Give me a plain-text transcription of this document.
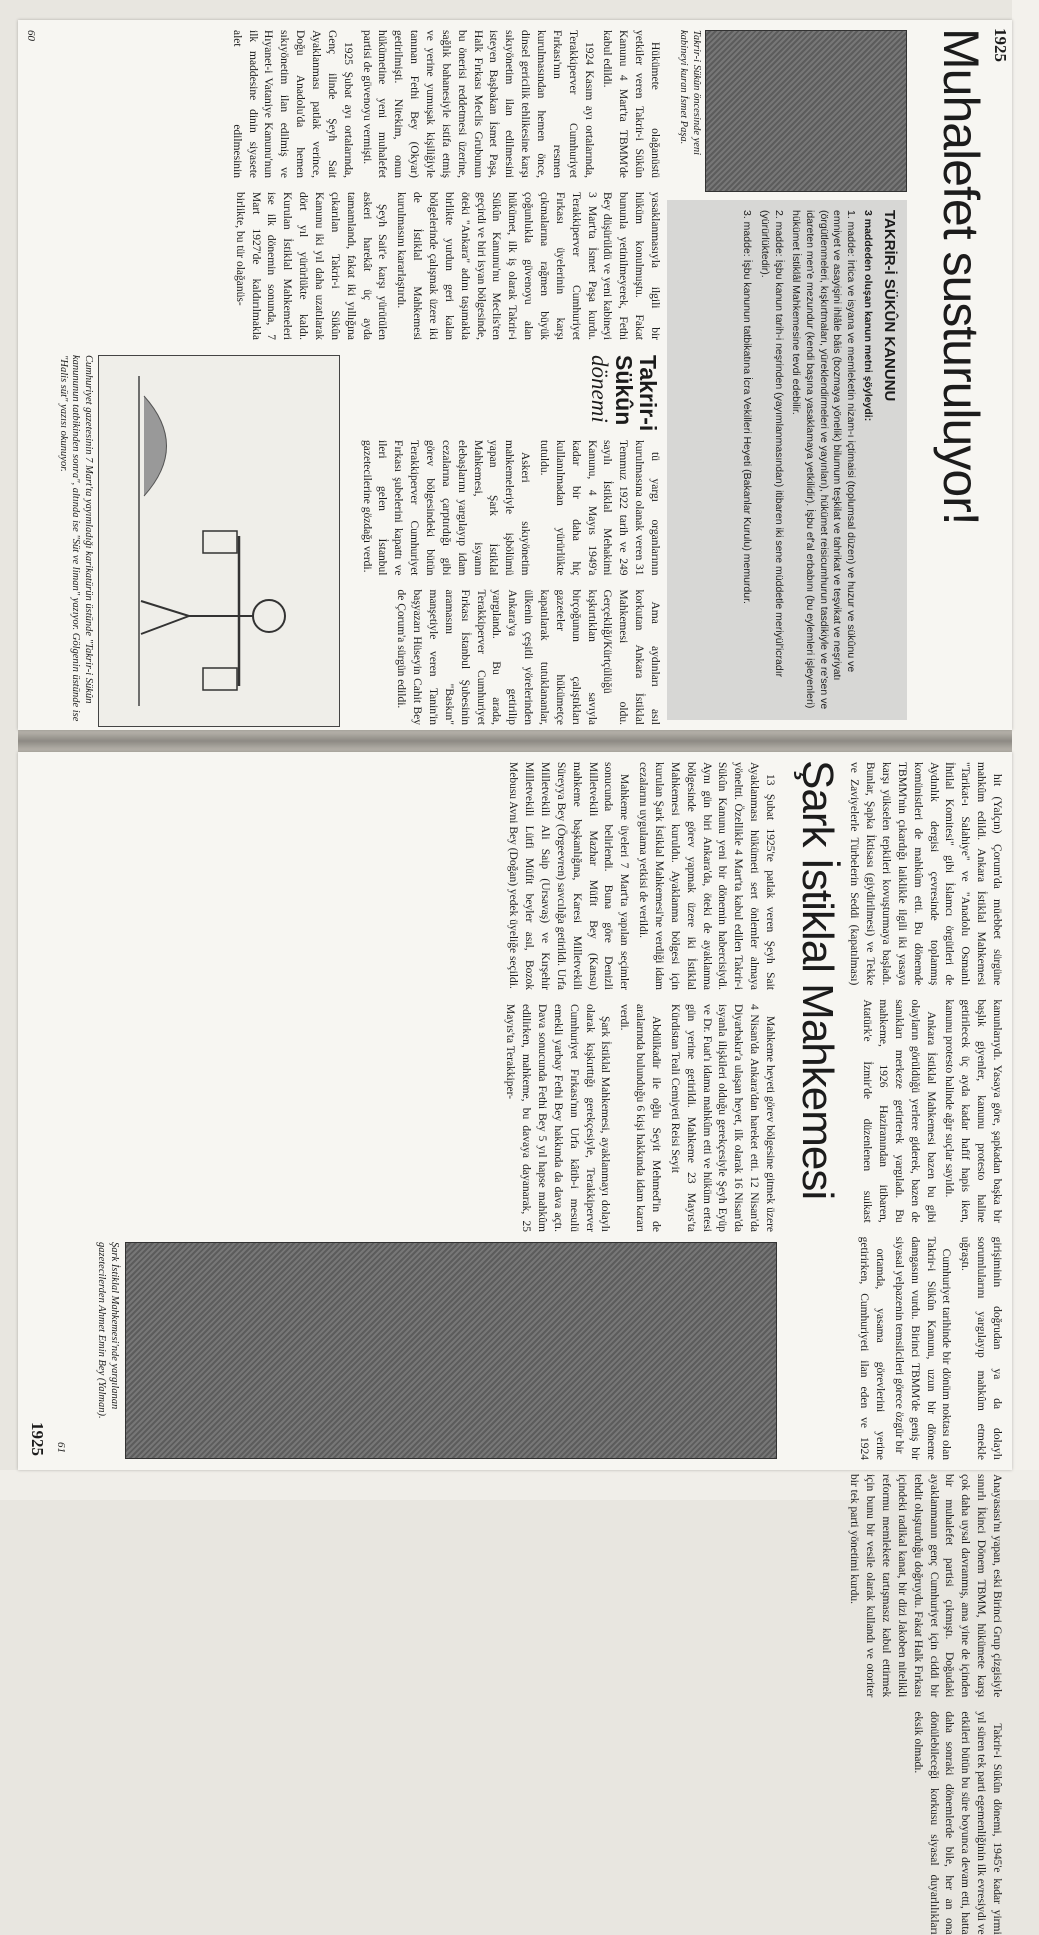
1925
Muhalefet susturuluyor!
Takrir-i Sükûn öncesinde yeni kabineyi kuran İsmet Paşa.
TAKRİR-İ SÜKÛN KANUNU
3 maddeden oluşan kanun metni şöyleydi:
1. madde: İrtica ve isyana ve memleketin nizam-ı içtimaisi (toplumsal düzen) ve huzur ve sükûnu ve emniyet ve asayişini ihlâle bâis (bozmaya yönelik) bilumum teşkilat ve tahrikat ve teşvikat ve neşriyatı (örgütlenmeleri, kışkırtmaları, yüreklendirmeleri ve yayınları), hükümet reisicumhurun tasdikiyle ve re'sen ve idareten men'e mezundur (kendi başına yasaklamaya yetkilidir). İşbu ef'al erbabını (bu eylemleri işleyenleri) hükümet İstiklâl Mahkemesine tevdi edebilir.
2. madde: İşbu kanun tarih-i neşrinden (yayımlanmasından) itibaren iki sene müddetle meriyül'icradır (yürürlüktedir).
3. madde: İşbu kanunun tatbikatına İcra Vekilleri Heyeti (Bakanlar Kurulu) memurdur.

Hükümete olağanüstü yetkiler veren Takrir-i Sükûn Kanunu 4 Mart'ta TBMM'de kabul edildi.

1924 Kasım ayı ortalarında, Terakkiperver Cumhuriyet Fırkası'nın resmen kurulmasından hemen önce, dinsel gericilik tehlikesine karşı sıkıyönetim ilan edilmesini isteyen Başbakan İsmet Paşa, Halk Fırkası Meclis Grubunun bu önerisi reddetmesi üzerine, sağlık bahanesiyle istifa etmiş ve yerine yumuşak kişiliğiyle tanınan Fethi Bey (Okyar) getirilmişti. Nitekim, onun hükümetine yeni muhalefet partisi de güvenoyu vermişti.

1925 Şubat ayı ortalarında, Genç ilinde Şeyh Sait Ayaklanması patlak verince, Doğu Anadolu'da hemen sıkıyönetim ilan edilmiş ve Hıyanet-i Vataniye Kanunu'nun ilk maddesine dinin siyasete alet edilmesinin yasaklanmasıyla ilgili bir hüküm konulmuştu. Fakat bununla yetinilmeyerek, Fethi Bey düşürüldü ve yeni kabineyi 3 Mart'ta İsmet Paşa kurdu. Terakkiperver Cumhuriyet Fırkası üyelerinin karşı çıkmalarına rağmen büyük çoğunlukla güvenoyu alan hükümet, ilk iş olarak Takrir-i Sükûn Kanunu'nu Meclis'ten geçirdi ve biri isyan bölgesinde, öteki "Ankara" adını taşımakla birlikte yurdun geri kalan bölgelerinde çalışmak üzere iki de İstiklal Mahkemesi kurulmasını kararlaştırdı.

Şeyh Sait'e karşı yürütülen askeri harekât üç ayda tamamlandı, fakat iki yıllığına çıkarılan Takrir-i Sükûn Kanunu iki yıl daha uzatılarak dört yıl yürürlükte kaldı. Kurulan İstiklal Mahkemeleri ise ilk dönemin sonunda, 7 Mart 1927'de kaldırılmakla birlikte, bu tür olağanüs-

Takrir-i
Sükûn
dönemi

tü yargı organlarının kurulmasına olanak veren 31 Temmuz 1922 tarih ve 249 sayılı İstiklal Mehakimi Kanunu, 4 Mayıs 1949'a kadar bir daha hiç kullanılmadan yürürlükte tutuldu.

Askeri sıkıyönetim mahkemeleriyle işbölümü yapan Şark İstiklal Mahkemesi, isyanın elebaşlarını yargılayıp idam cezalarına çarptırdığı gibi görev bölgesindeki bütün Terakkiperver Cumhuriyet Fırkası şubelerini kapattı ve ileri gelen İstanbul gazetecilerine gözdağı verdi.

Ama aydınları asıl korkutan Ankara İstiklal Mahkemesi oldu. Gerçekliği/Kürtçülüğü kışkırtıklan savıyla birçoğunun çalıştıkları gazeteler hükümetçe kapatılarak tutuklananlar, ülkenin çeşitli yörelerinden Ankara'ya getirilip yargılandı. Bu arada, Terakkiperver Cumhuriyet Fırkası İstanbul Şubesinin aramasını "Baskın" manşetiyle veren Tanin'in başyazarı Hüseyin Cahit Bey de Çorum'a sürgün edildi.

Cumhuriyet gazetesinin 7 Mart'ta yayımladığı karikatürün üstünde "Takrir-i Sükûn kanununun tatbikinden sonra", altında ise "Süt ve liman" yazıyor. Gölgenin üstünde ise "Halis süt" yazısı okunuyor.
60

hit (Yalçın) Çorum'da müebbet sürgüne mahkûm edildi. Ankara İstiklal Mahkemesi "Tarikat-ı Salahiye" ve "Anadolu Osmanlı İhtilal Komitesi" gibi İslamcı örgütleri de Aydınlık dergisi çevresinde toplanmış komünistleri de mahkûm etti. Bu dönemde TBMM'nin çıkardığı laiklikle ilgili iki yasaya karşı yükselen tepkileri kovuşturmaya başladı. Bunlar, Şapka İktisası (giydirilmesi) ve Tekke ve Zaviyelerle Türbelerin Seddi (kapatılması) kanunlarıydı. Yasaya göre, şapkadan başka bir başlık giyenler, kanunu protesto haline getirilecek üç ayda kadar hafif hapis iken, kanunu protesto halinde ağır suçlar sayıldı.

Ankara İstiklal Mahkemesi bazen bu gibi olayların görüldüğü yerlere giderek, bazen de sanıkları merkeze getirterek yargıladı. Bu mahkeme, 1926 Haziranından itibaren, Atatürk'e İzmir'de düzenlenen suikast girişiminin doğrudan ya da dolaylı sorumlularını yargılayıp mahkûm etmekle uğraştı.

Cumhuriyet tarihinde bir dönüm noktası olan Takrir-i Sükûn Kanunu, uzun bir döneme damgasını vurdu. Birinci TBMM'de geniş bir siyasal yelpazenin temsilcileri görece özgür bir

ortamda, yasama görevlerini yerine getirirken, Cumhuriyeti ilan eden ve 1924 Anayasası'nı yapan, eski Birinci Grup çizgisiyle sınırlı İkinci Dönem TBMM, hükümete karşı çok daha uysal davranmış, ama yine de içinden bir muhalefet partisi çıkmıştı. Doğudaki ayaklanmanın genç Cumhuriyet için ciddi bir tehdit oluşturduğu doğruydu. Fakat Halk Fırkası içindeki radikal kanat, bir dizi Jakoben nitelikli reformu memlekete tartışmasız kabul ettirmek için bunu bir vesile olarak kullandı ve otoriter bir tek parti yönetimi kurdu.

Takrir-i Sükûn dönemi, 1945'e kadar yirmi yıl süren tek parti egemenliğinin ilk evresiydi ve etkileri bütün bu süre boyunca devam etti, hatta daha sonraki dönemlerde bile, her an ona dönülebileceği korkusu siyasal duyarlılıkları eksik olmadı.

Şark İstiklal Mahkemesi

13 Şubat 1925'te patlak veren Şeyh Sait Ayaklanması hükümeti sert önlemler almaya yöneltti. Özellikle 4 Mart'ta kabul edilen Takrir-i Sükûn Kanunu yeni bir dönemin habercisiydi. Aynı gün biri Ankara'da, öteki de ayaklanma bölgesinde görev yapmak üzere iki İstiklal Mahkemesi kuruldu. Ayaklanma bölgesi için kurulan Şark İstiklal Mahkemesi'ne verdiği idam cezalarını uygulama yetkisi de verildi.

Mahkeme üyeleri 7 Mart'ta yapılan seçimler sonucunda belirlendi. Buna göre Denizli Milletvekili Mazhar Müfit Bey (Kansu) mahkeme başkanlığına, Karesi Milletvekili Süreyya Bey (Örgeevren) savcılığa getirildi. Urfa Milletvekili Ali Saip (Ursavaş) ve Kırşehir Milletvekili Lütfi Müfit beyler asıl, Bozok Mebusu Avni Bey (Doğan) yedek üyeliğe seçildi.

Mahkeme heyeti görev bölgesine gitmek üzere 4 Nisan'da Ankara'dan hareket etti. 12 Nisan'da Diyarbakır'a ulaşan heyet, ilk olarak 16 Nisan'da isyanla ilişkileri olduğu gerekçesiyle Şeyh Eyüp ve Dr. Fuat'ı idama mahkûm etti ve hüküm ertesi gün yerine getirildi. Mahkeme 23 Mayıs'ta Kürdistan Teali Cemiyeti Reisi Seyit

Abdülkadir ile oğlu Seyit Mehmed'in de aralarında bulunduğu 6 kişi hakkında idam kararı verdi.

Şark İstiklal Mahkemesi, ayaklanmayı dolaylı olarak kışkırttığı gerekçesiyle, Terakkiperver Cumhuriyet Fırkası'nın Urfa kâtib-i mesulü emekli yarbay Fethi Bey hakkında da dava açtı. Dava sonucunda Fethi Bey 5 yıl hapse mahkûm edilirken, mahkeme, bu davaya dayanarak, 25 Mayıs'ta Terakkiper-

Şark İstiklal Mahkemesi'nde yargılanan gazetecilerden Ahmet Emin Bey (Yalman).
1925 61
